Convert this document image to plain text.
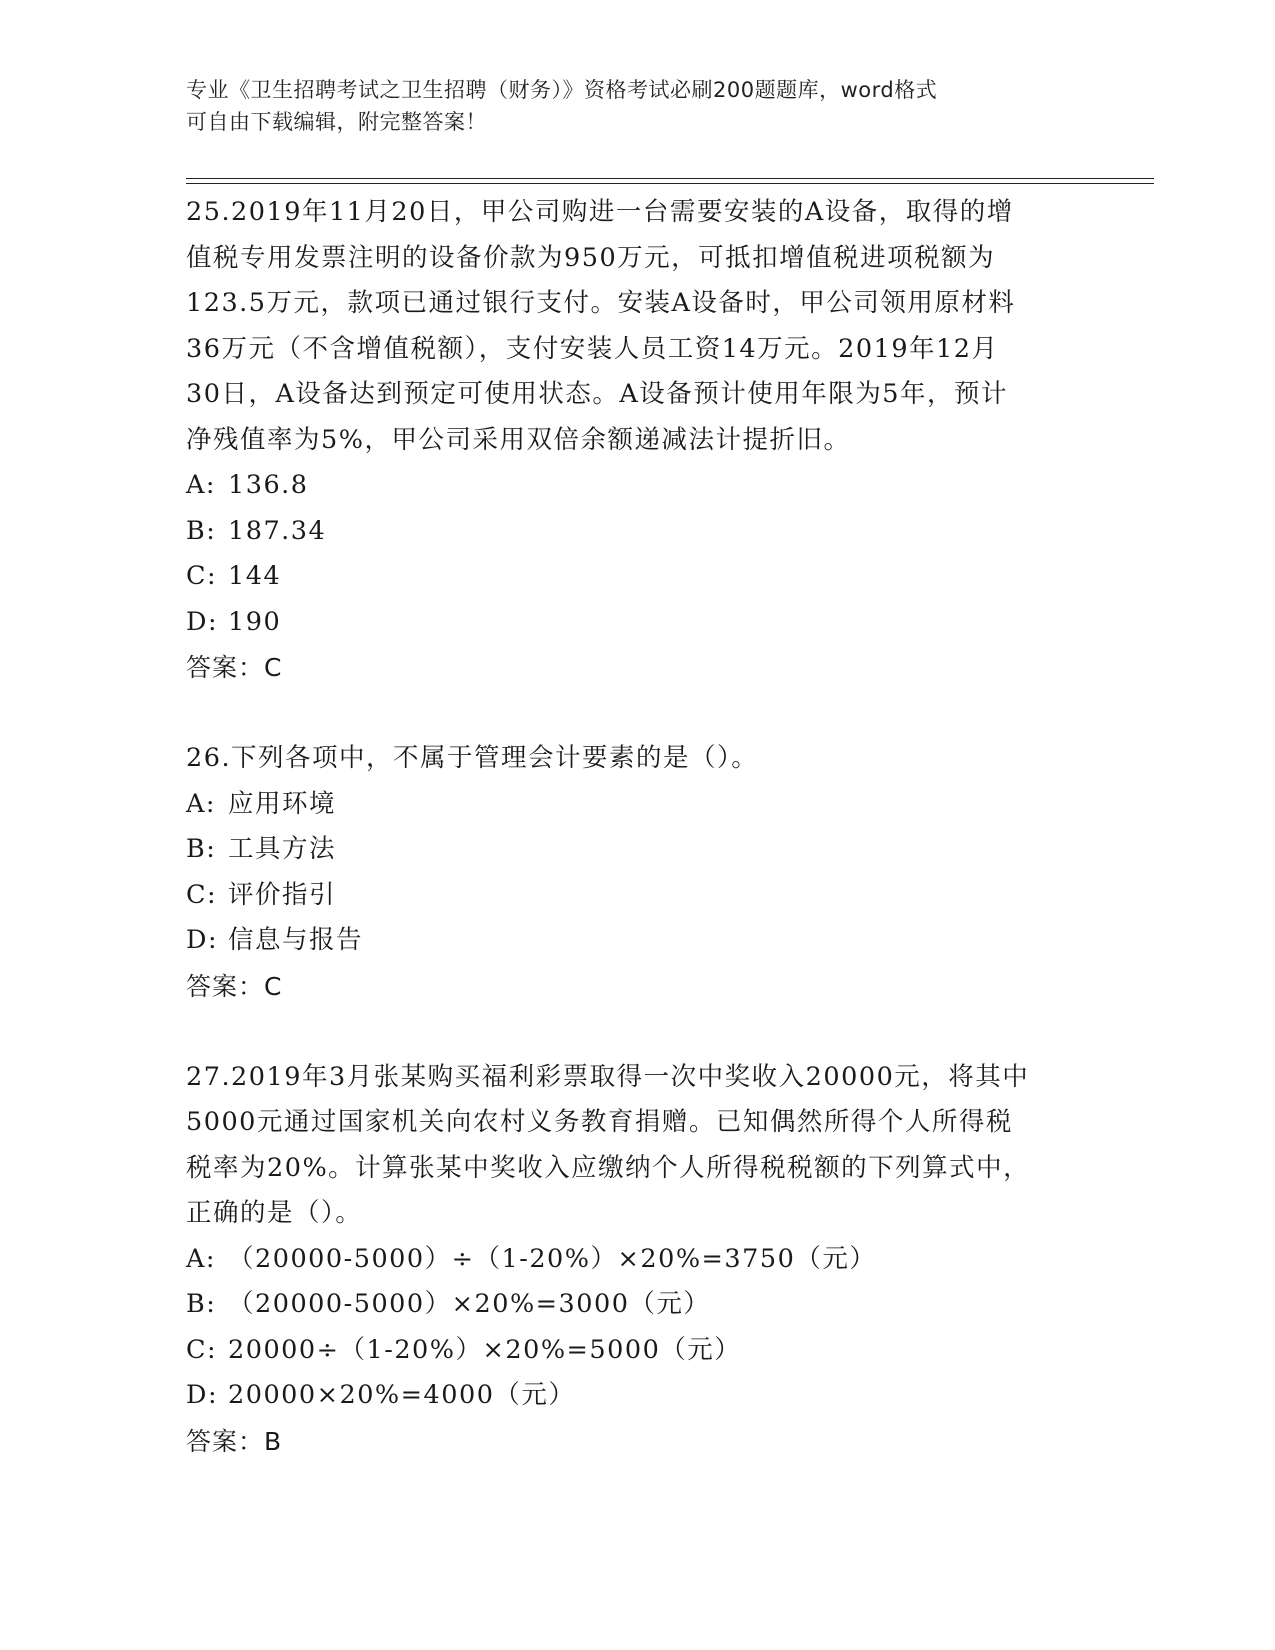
专业《卫生招聘考试之卫生招聘（财务）》资格考试必刷200题题库，word格式
可自由下载编辑，附完整答案！
25.2019年11月20日，甲公司购进一台需要安装的A设备，取得的增
值税专用发票注明的设备价款为950万元，可抵扣增值税进项税额为
123.5万元，款项已通过银行支付。安装A设备时，甲公司领用原材料
36万元（不含增值税额），支付安装人员工资14万元。2019年12月
30日，A设备达到预定可使用状态。A设备预计使用年限为5年，预计
净残值率为5%，甲公司采用双倍余额递减法计提折旧。
A: 136.8
B: 187.34
C: 144
D: 190
答案：C
26.下列各项中，不属于管理会计要素的是（）。
A: 应用环境
B: 工具方法
C: 评价指引
D: 信息与报告
答案：C
27.2019年3月张某购买福利彩票取得一次中奖收入20000元，将其中
5000元通过国家机关向农村义务教育捐赠。已知偶然所得个人所得税
税率为20%。计算张某中奖收入应缴纳个人所得税税额的下列算式中，
正确的是（）。
A: （20000-5000）÷（1-20%）×20%=3750（元）
B: （20000-5000）×20%=3000（元）
C: 20000÷（1-20%）×20%=5000（元）
D: 20000×20%=4000（元）
答案：B
